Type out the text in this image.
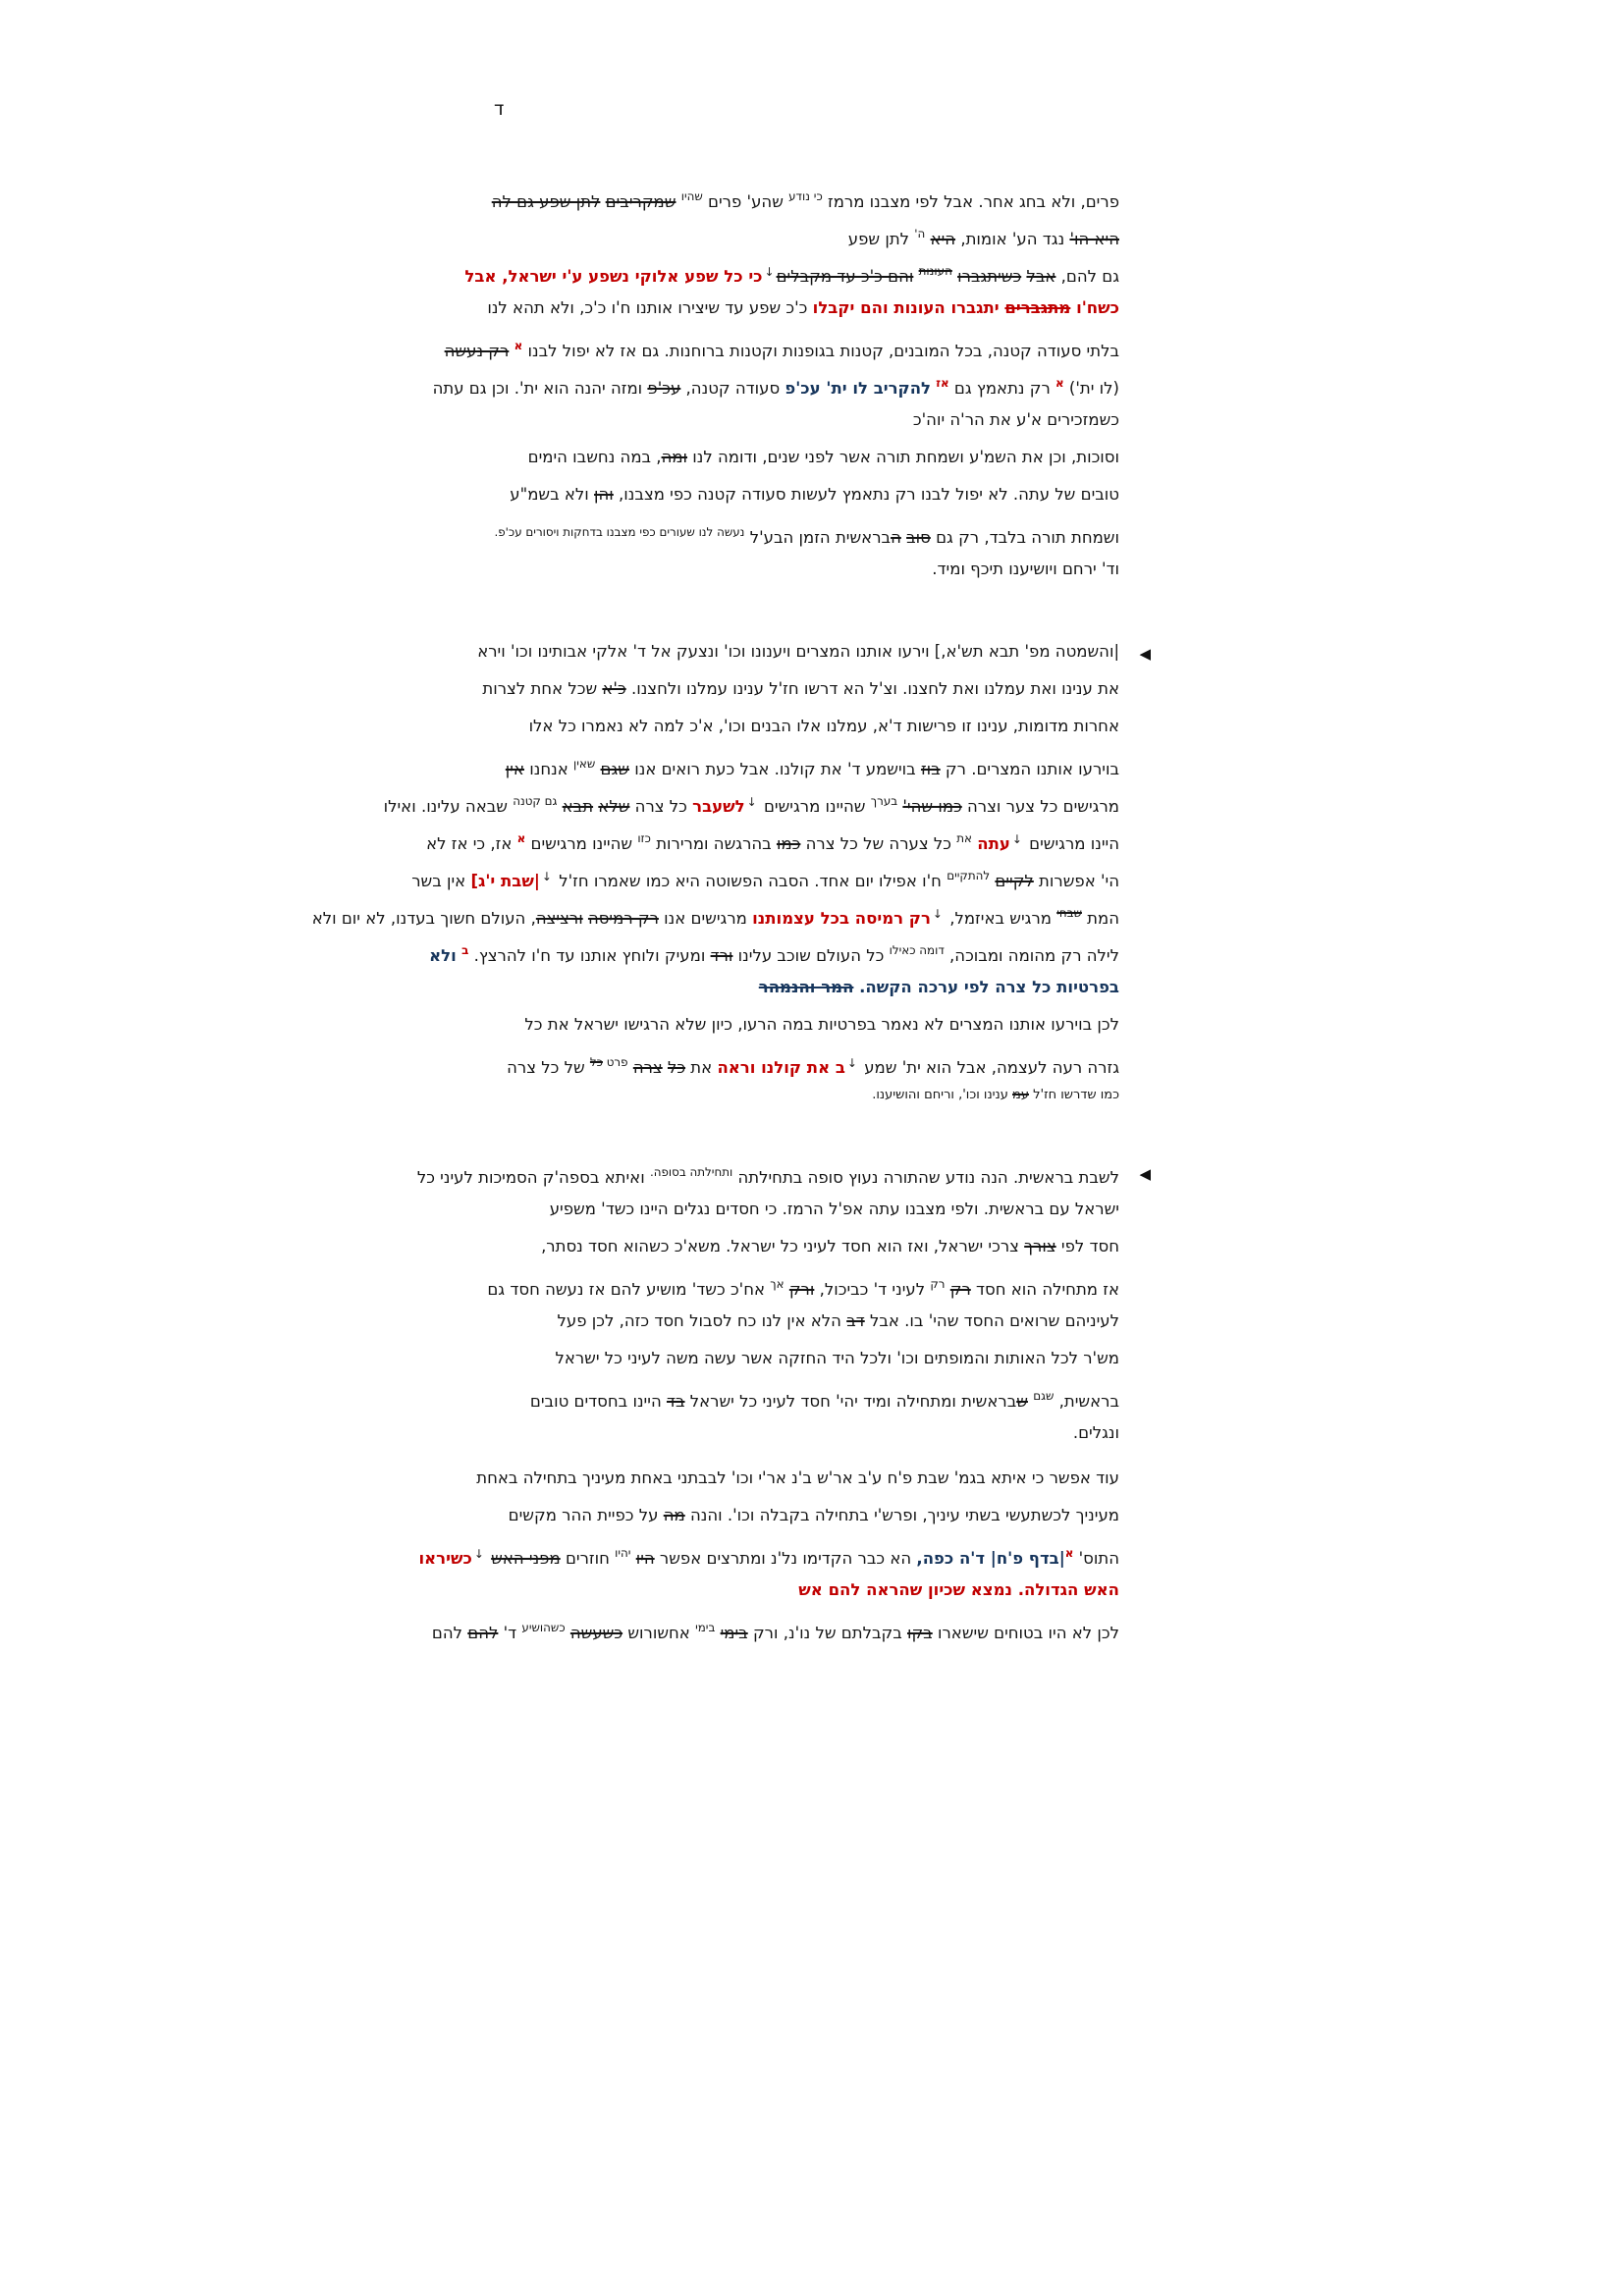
ד
פרים, ולא בחג אחר. אבל לפי מצבנו מרמז $^{כי נודע}$ שהע' פרים $^{שהיו}$ שמקריבים לתן שפע גם לה
היא הו' נגד הע' אומות, היא $^{ה'}$ לתן שפע
גם להם, אבל כשיתגברו $^{העונות}$ והם כ'כ עד מקבלים↓כי כל שפע אלוקי נשפע ע'י ישראל, אבל
כשח'ו מתגברים יתגברו העונות והם יקבלו כ'כ שפע עד שיצירו אותנו ח'ו כ'כ, ולא תהא לנו
בלתי סעודה קטנה, בכל המובנים, קטנות בגופנות וקטנות ברוחנות. גם אז לא יפול לבנו $^א$ רק נעשה
(לו ית') $^א$ רק נתאמץ גם $^{אז}$ להקריב לו ית' עכ'פ סעודה קטנה, עכ'פ ומזה יהנה הוא ית'. וכן גם עתה
כשמזכירים א'ע את הר'ה יוה'כ
וסוכות, וכן את השמ'ע ושמחת תורה אשר לפני שנים, ודומה לנו ומה, במה נחשבו הימים
טובים של עתה. לא יפול לבנו רק נתאמץ לעשות סעודה קטנה כפי מצבנו, והן ולא בשמ"ע
ושמחת תורה בלבד, רק גם סוב הבראשית הזמן הבע'ל $^{נעשה לנו שעורים כפי מצבנו בדחקות ויסורים עכ'פ.}$
וד' ירחם ויושיענו תיכף ומיד.
◀
|והשמטה מפ' תבא תש'א,] וירעו אותנו המצרים ויענונו וכו' ונצעק אל ד' אלקי אבותינו וכו' וירא
את ענינו ואת עמלנו ואת לחצנו. וצ'ל הא דרשו חז'ל ענינו עמלנו ולחצנו. כ'א שכל אחת לצרות
אחרות מדומות, ענינו זו פרישות ד'א, עמלנו אלו הבנים וכו', א'כ למה לא נאמרו כל אלו
בוירעו אותנו המצרים. רק בוז בוישמע ד' את קולנו. אבל כעת רואים אנו שגם $^{שאין}$ אנחנו אין
מרגישים כל צער וצרה כמו שהי' $^{בערך}$ שהיינו מרגישים ↓לשעבר כל צרה שלא תבא $^{גם קטנה}$ שבאה עלינו. ואילו
היינו מרגישים ↓עתה $^{את}$ כל צערה של כל צרה כמו בהרגשה ומרירות $^{כזו}$ שהיינו מרגישים $^א$ אז, כי אז לא
הי' אפשרות לקיים $^{להתקיים}$ ח'ו אפילו יום אחד. הסבה הפשוטה היא כמו שאמרו חז'ל ↓|שבת י'ג] אין בשר
המת $^{שבחי}$ מרגיש באיזמל, ↓רק רמיסה בכל עצמותנו מרגישים אנו רק רמיסה ורציצה, העולם חשוך בעדנו, לא יום ולא
לילה רק מהומה ומבוכה, $^{דומה כאילו}$ כל העולם שוכב עלינו ורד ומעיק ולוחץ אותנו עד ח'ו להרצץ. $^ב$ ולא
בפרטיות כל צרה לפי ערכה הקשה. המר והנמהר
לכן בוירעו אותנו המצרים לא נאמר בפרטיות במה הרעו, כיון שלא הרגישו ישראל את כל
גזרה רעה לעצמה, אבל הוא ית' שמע ↓ב את קולנו וראה את כל צרה $^{פרט}$ $^{כל}$ של כל צרה
כמו שדרשו חז'ל עמ ענינו וכו', וריחם והושיענו.
◀
לשבת בראשית. הנה נודע שהתורה נעוץ סופה בתחילתה $^{ותחילתה בסופה.}$ ואיתא בספה'ק הסמיכות לעיני כל
ישראל עם בראשית. ולפי מצבנו עתה אפ'ל הרמז. כי חסדים נגלים היינו כשד' משפיע
חסד לפי צורך צרכי ישראל, ואז הוא חסד לעיני כל ישראל. משא'כ כשהוא חסד נסתר,
אז מתחילה הוא חסד רק $^{רק}$ לעיני ד' כביכול, ורק $^{אך}$ אח'כ כשד' מושיע להם אז נעשה חסד גם
לעיניהם שרואים החסד שהי' בו. אבל דב הלא אין לנו כח לסבול חסד כזה, לכן פעל
מש'ר לכל האותות והמופתים וכו' ולכל היד החזקה אשר עשה משה לעיני כל ישראל
בראשית, $^{שגם}$ שבראשית ומתחילה ומיד יהי' חסד לעיני כל ישראל בד היינו בחסדים טובים
ונגלים.
עוד אפשר כי איתא בגמ' שבת פ'ח ע'ב אר'ש ב'נ אר'י וכו' לבבתני באחת מעיניך בתחילה באחת
מעיניך לכשתעשי בשתי עיניך, ופרש'י בתחילה בקבלה וכו'. והנה מה על כפיית ההר מקשים
התוס' $^א$|בדף פ'ח| ד'ה כפה, הא כבר הקדימו נל'נ ומתרצים אפשר היו $^{יהיו}$ חוזרים מפני האש ↓כשיראו
האש הגדולה. נמצא שכיון שהראה להם אש
לכן לא היו בטוחים שישארו בקו בקבלתם של נו'נ, ורק בימי $^{בימי}$ אחשורוש כשעשה $^{כשהושיע}$ ד' להם להם
